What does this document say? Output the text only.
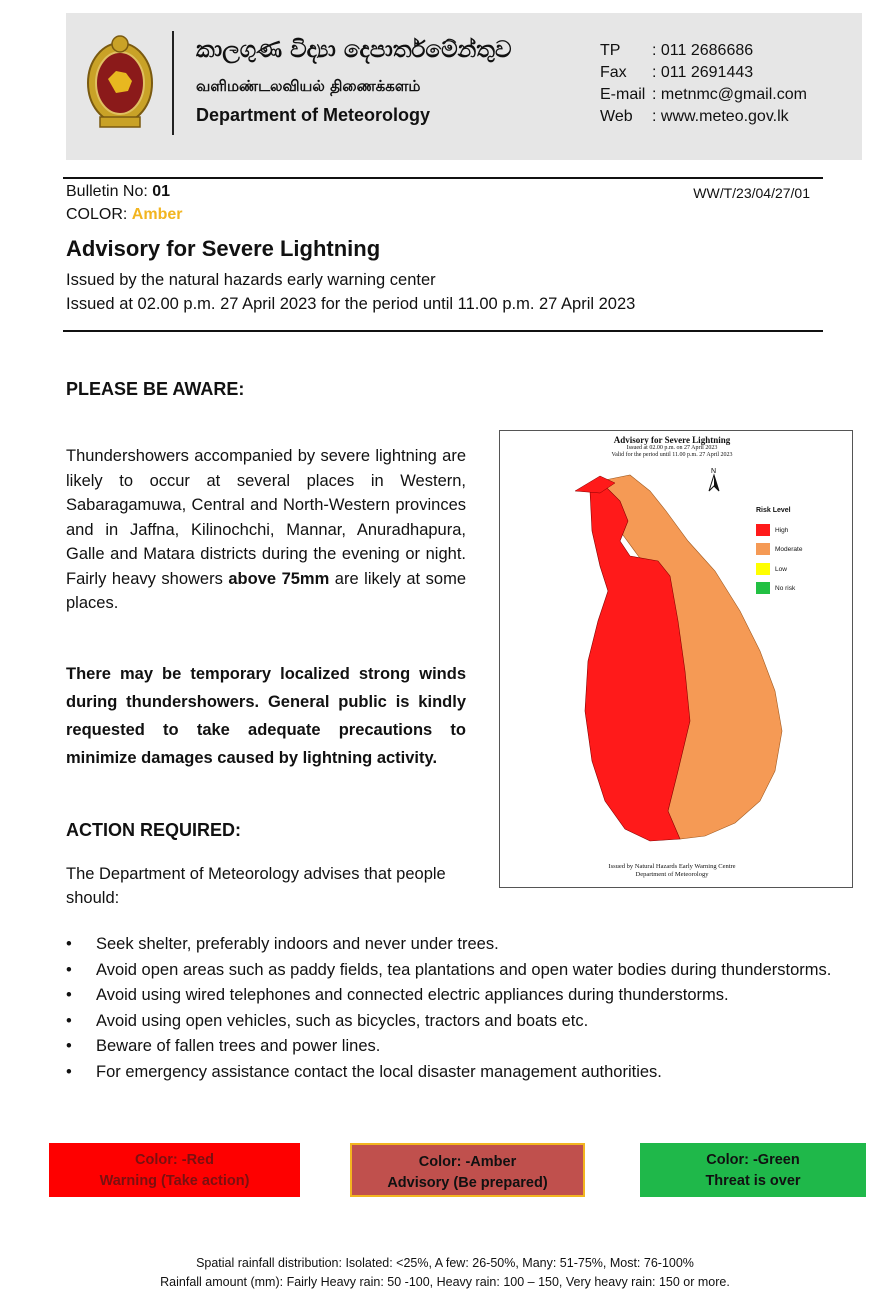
කාලගුණ විද්‍යා දෙපාර්තමේන්තුව
வளிமண்டலவியல் திணைக்களம்
Department of Meteorology
TP	: 011 2686686
Fax	: 011 2691443
E-mail : metnmc@gmail.com
Web	: www.meteo.gov.lk
Bulletin No: 01
COLOR: Amber
WW/T/23/04/27/01
Advisory for Severe Lightning
Issued by the natural hazards early warning center
Issued at 02.00 p.m. 27 April 2023 for the period until 11.00 p.m. 27 April 2023
PLEASE BE AWARE:
Thundershowers accompanied by severe lightning are likely to occur at several places in Western, Sabaragamuwa, Central and North-Western provinces and in Jaffna, Kilinochchi, Mannar, Anuradhapura, Galle and Matara districts during the evening or night. Fairly heavy showers above 75mm are likely at some places.
There may be temporary localized strong winds during thundershowers. General public is kindly requested to take adequate precautions to minimize damages caused by lightning activity.
Advisory for Severe Lightning
Issued at 02.00 p.m. on 27 April 2023
Valid for the period until 11.00 p.m. 27 April 2023
N
Risk Level
High
Moderate
Low
No risk
Issued by Natural Hazards Early Warning Centre
Department of Meteorology
ACTION REQUIRED:
The Department of Meteorology advises that people should:
• Seek shelter, preferably indoors and never under trees.
• Avoid open areas such as paddy fields, tea plantations and open water bodies during thunderstorms.
• Avoid using wired telephones and connected electric appliances during thunderstorms.
• Avoid using open vehicles, such as bicycles, tractors and boats etc.
• Beware of fallen trees and power lines.
• For emergency assistance contact the local disaster management authorities.
Color: -Red
Warning (Take action)
Color: -Amber
Advisory (Be prepared)
Color: -Green
Threat is over
Spatial rainfall distribution: Isolated: <25%, A few: 26-50%, Many: 51-75%, Most: 76-100%
Rainfall amount (mm): Fairly Heavy rain: 50 -100, Heavy rain: 100 – 150, Very heavy rain: 150 or more.
